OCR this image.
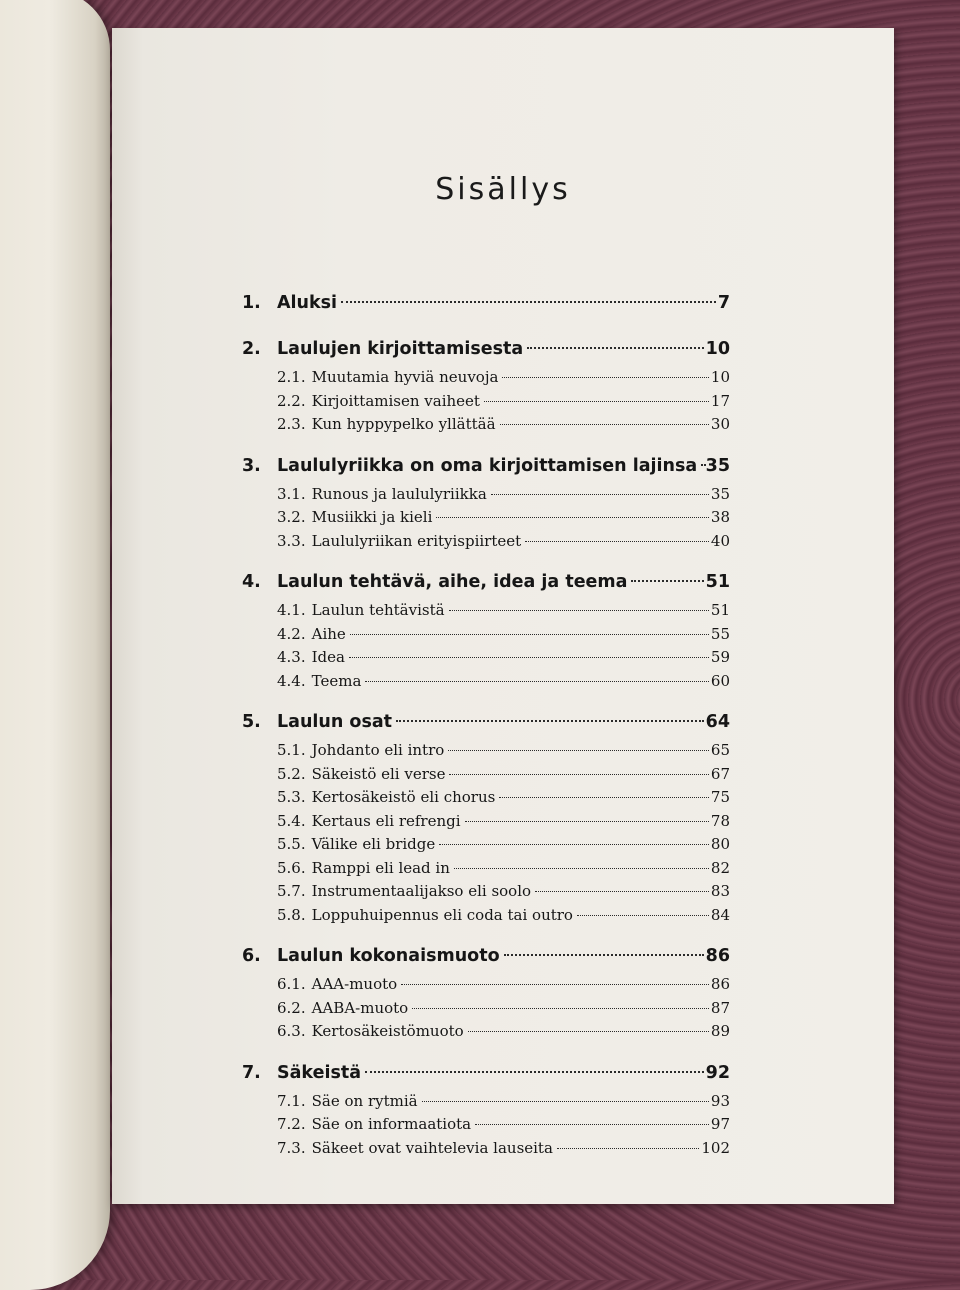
Sisällys
1. Aluksi	7
2. Laulujen kirjoittamisesta	10
2.1. Muutamia hyviä neuvoja	10
2.2. Kirjoittamisen vaiheet	17
2.3. Kun hyppypelko yllättää	30
3. Laululyriikka on oma kirjoittamisen lajinsa 35
3.1. Runous ja laululyriikka	35
3.2. Musiikki ja kieli	38
3.3. Laululyriikan erityispiirteet	40
4. Laulun tehtävä, aihe, idea ja teema	51
4.1. Laulun tehtävistä	51
4.2. Aihe	55
4.3. Idea	59
4.4. Teema	60
5. Laulun osat	64
5.1. Johdanto eli intro	65
5.2. Säkeistö eli verse	67
5.3. Kertosäkeistö eli chorus	75
5.4. Kertaus eli refrengi	78
5.5. Välike eli bridge	80
5.6. Ramppi eli lead in	82
5.7. Instrumentaalijakso eli soolo	83
5.8. Loppuhuipennus eli coda tai outro	84
6. Laulun kokonaismuoto	86
6.1. AAA-muoto	86
6.2. AABA-muoto	87
6.3. Kertosäkeistömuoto	89
7. Säkeistä	92
7.1. Säe on rytmiä	93
7.2. Säe on informaatiota	97
7.3. Säkeet ovat vaihtelevia lauseita	102
